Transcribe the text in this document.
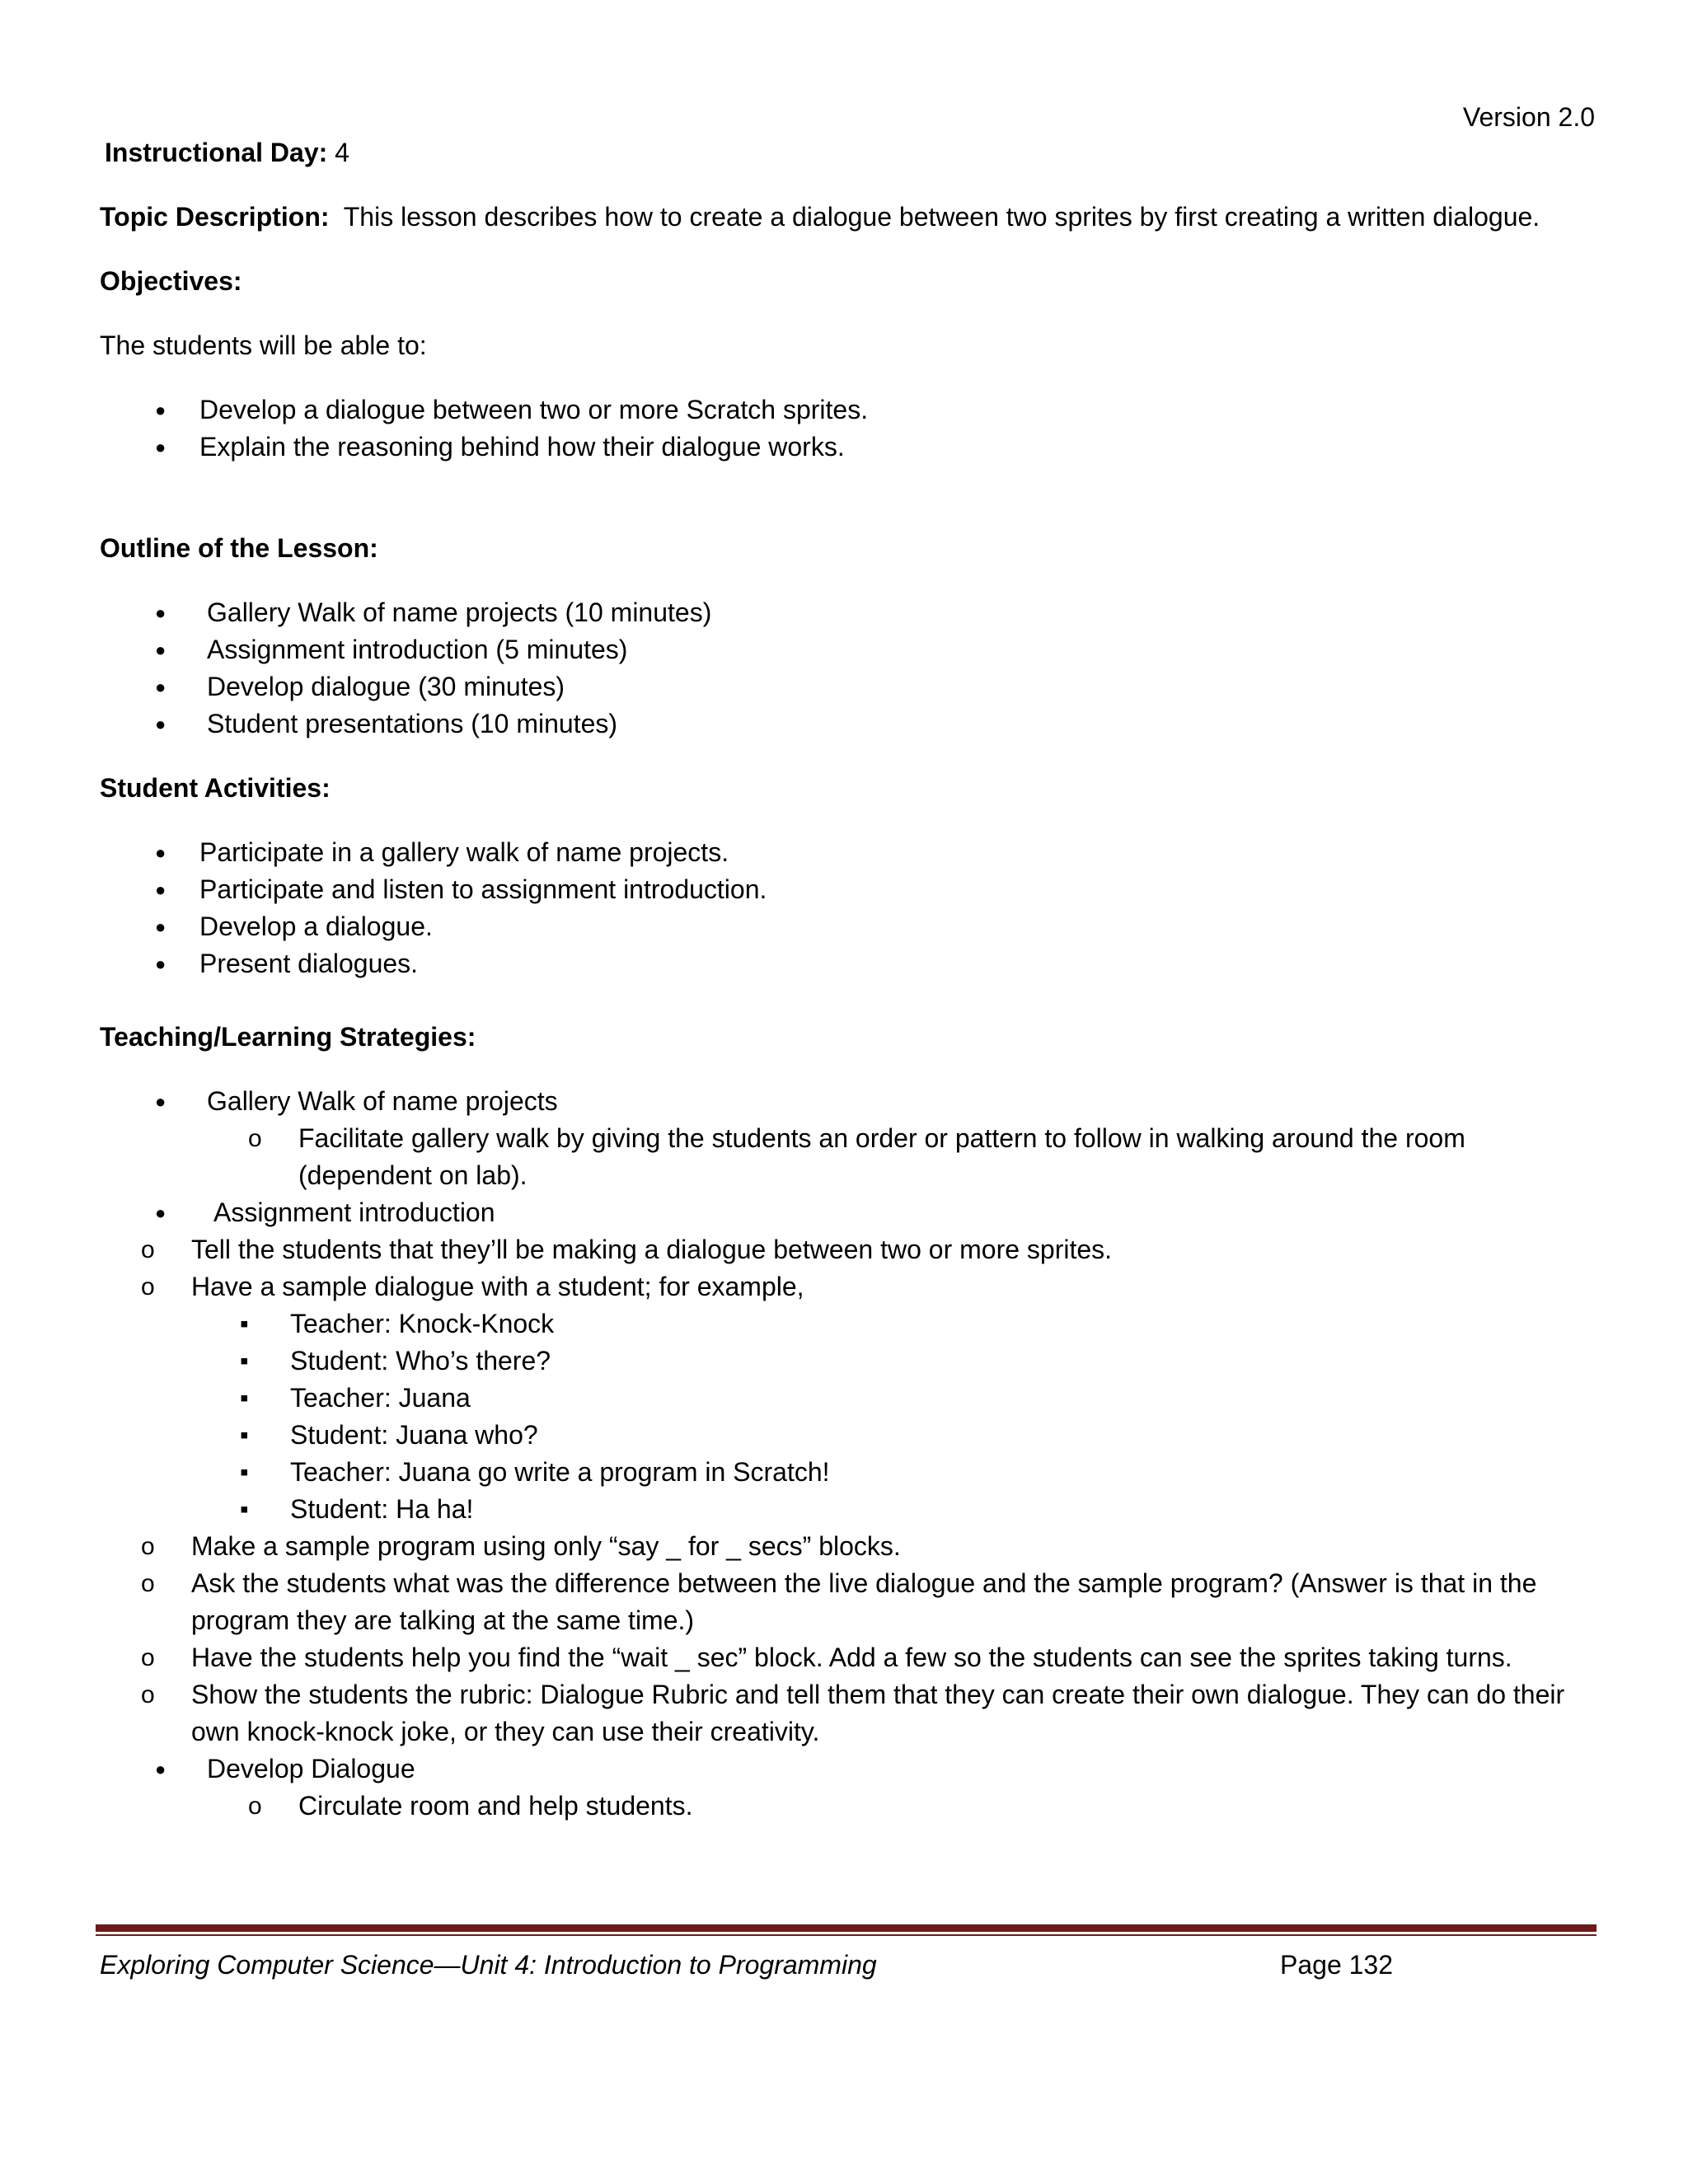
Version 2.0

Instructional Day: 4

Topic Description: This lesson describes how to create a dialogue between two sprites by first creating a written dialogue.

Objectives:

The students will be able to:

● Develop a dialogue between two or more Scratch sprites.
● Explain the reasoning behind how their dialogue works.

Outline of the Lesson:

● Gallery Walk of name projects (10 minutes)
● Assignment introduction (5 minutes)
● Develop dialogue (30 minutes)
● Student presentations (10 minutes)

Student Activities:

● Participate in a gallery walk of name projects.
● Participate and listen to assignment introduction.
● Develop a dialogue.
● Present dialogues.

Teaching/Learning Strategies:

● Gallery Walk of name projects
o Facilitate gallery walk by giving the students an order or pattern to follow in walking around the room (dependent on lab).
● Assignment introduction
o Tell the students that they’ll be making a dialogue between two or more sprites.
o Have a sample dialogue with a student; for example,
▪ Teacher: Knock-Knock
▪ Student: Who’s there?
▪ Teacher: Juana
▪ Student: Juana who?
▪ Teacher: Juana go write a program in Scratch!
▪ Student: Ha ha!
o Make a sample program using only “say _ for _ secs” blocks.
o Ask the students what was the difference between the live dialogue and the sample program? (Answer is that in the program they are talking at the same time.)
o Have the students help you find the “wait _ sec” block. Add a few so the students can see the sprites taking turns.
o Show the students the rubric: Dialogue Rubric and tell them that they can create their own dialogue. They can do their own knock-knock joke, or they can use their creativity.
● Develop Dialogue
o Circulate room and help students.

Exploring Computer Science—Unit 4: Introduction to Programming	Page 132
